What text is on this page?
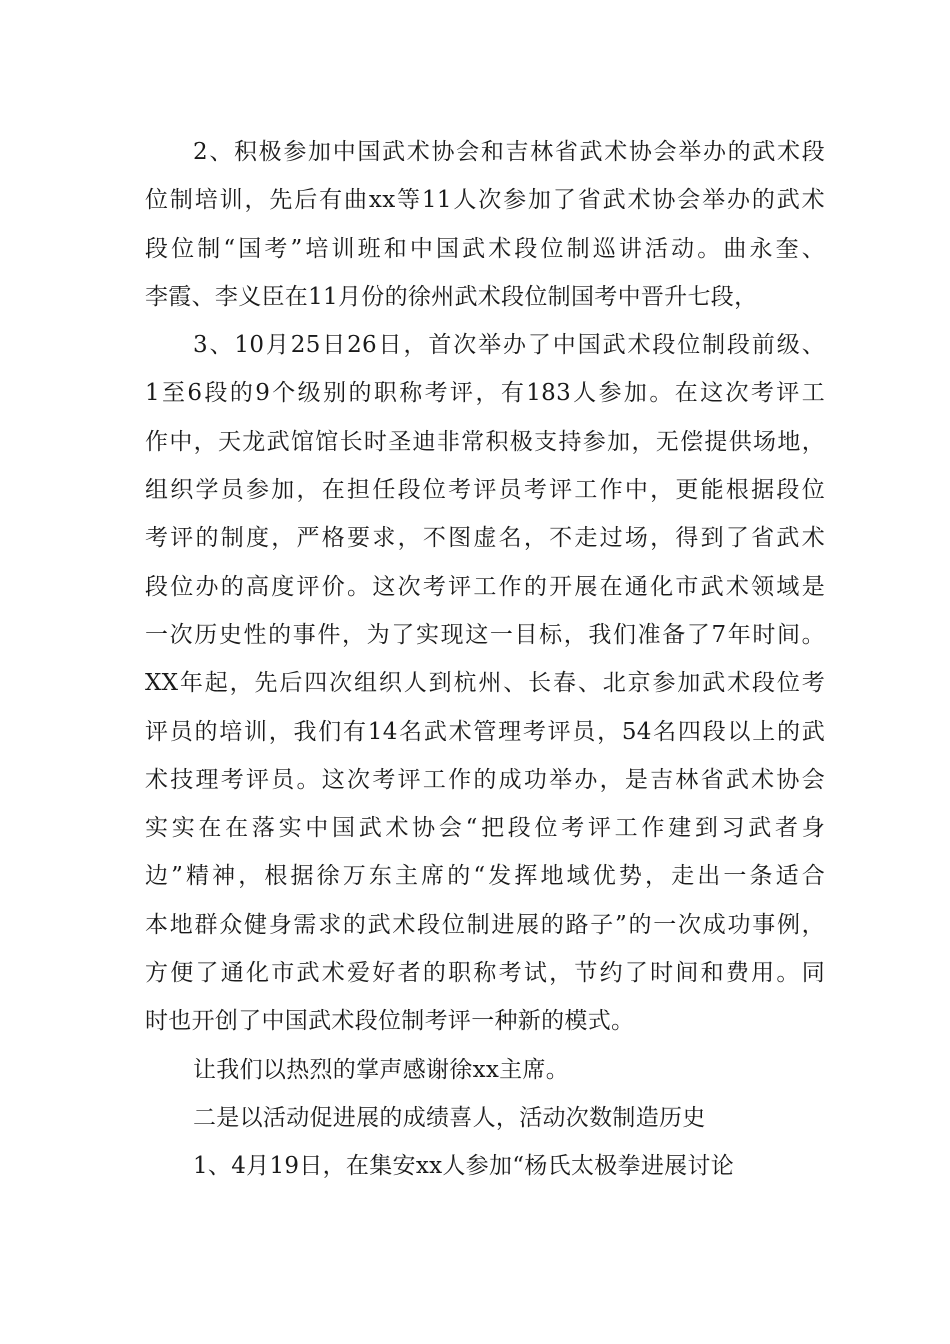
2、积极参加中国武术协会和吉林省武术协会举办的武术段
位制培训，先后有曲xx等11人次参加了省武术协会举办的武术
段位制“国考”培训班和中国武术段位制巡讲活动。曲永奎、
李霞、李义臣在11月份的徐州武术段位制国考中晋升七段，
3、10月25日26日，首次举办了中国武术段位制段前级、
1至6段的9个级别的职称考评，有183人参加。在这次考评工
作中，天龙武馆馆长时圣迪非常积极支持参加，无偿提供场地，
组织学员参加，在担任段位考评员考评工作中，更能根据段位
考评的制度，严格要求，不图虚名，不走过场，得到了省武术
段位办的高度评价。这次考评工作的开展在通化市武术领域是
一次历史性的事件，为了实现这一目标，我们准备了7年时间。
XX年起，先后四次组织人到杭州、长春、北京参加武术段位考
评员的培训，我们有14名武术管理考评员，54名四段以上的武
术技理考评员。这次考评工作的成功举办，是吉林省武术协会
实实在在落实中国武术协会“把段位考评工作建到习武者身
边”精神，根据徐万东主席的“发挥地域优势，走出一条适合
本地群众健身需求的武术段位制进展的路子”的一次成功事例，
方便了通化市武术爱好者的职称考试，节约了时间和费用。同
时也开创了中国武术段位制考评一种新的模式。
让我们以热烈的掌声感谢徐xx主席。
二是以活动促进展的成绩喜人，活动次数制造历史
1、4月19日，在集安xx人参加“杨氏太极拳进展讨论
